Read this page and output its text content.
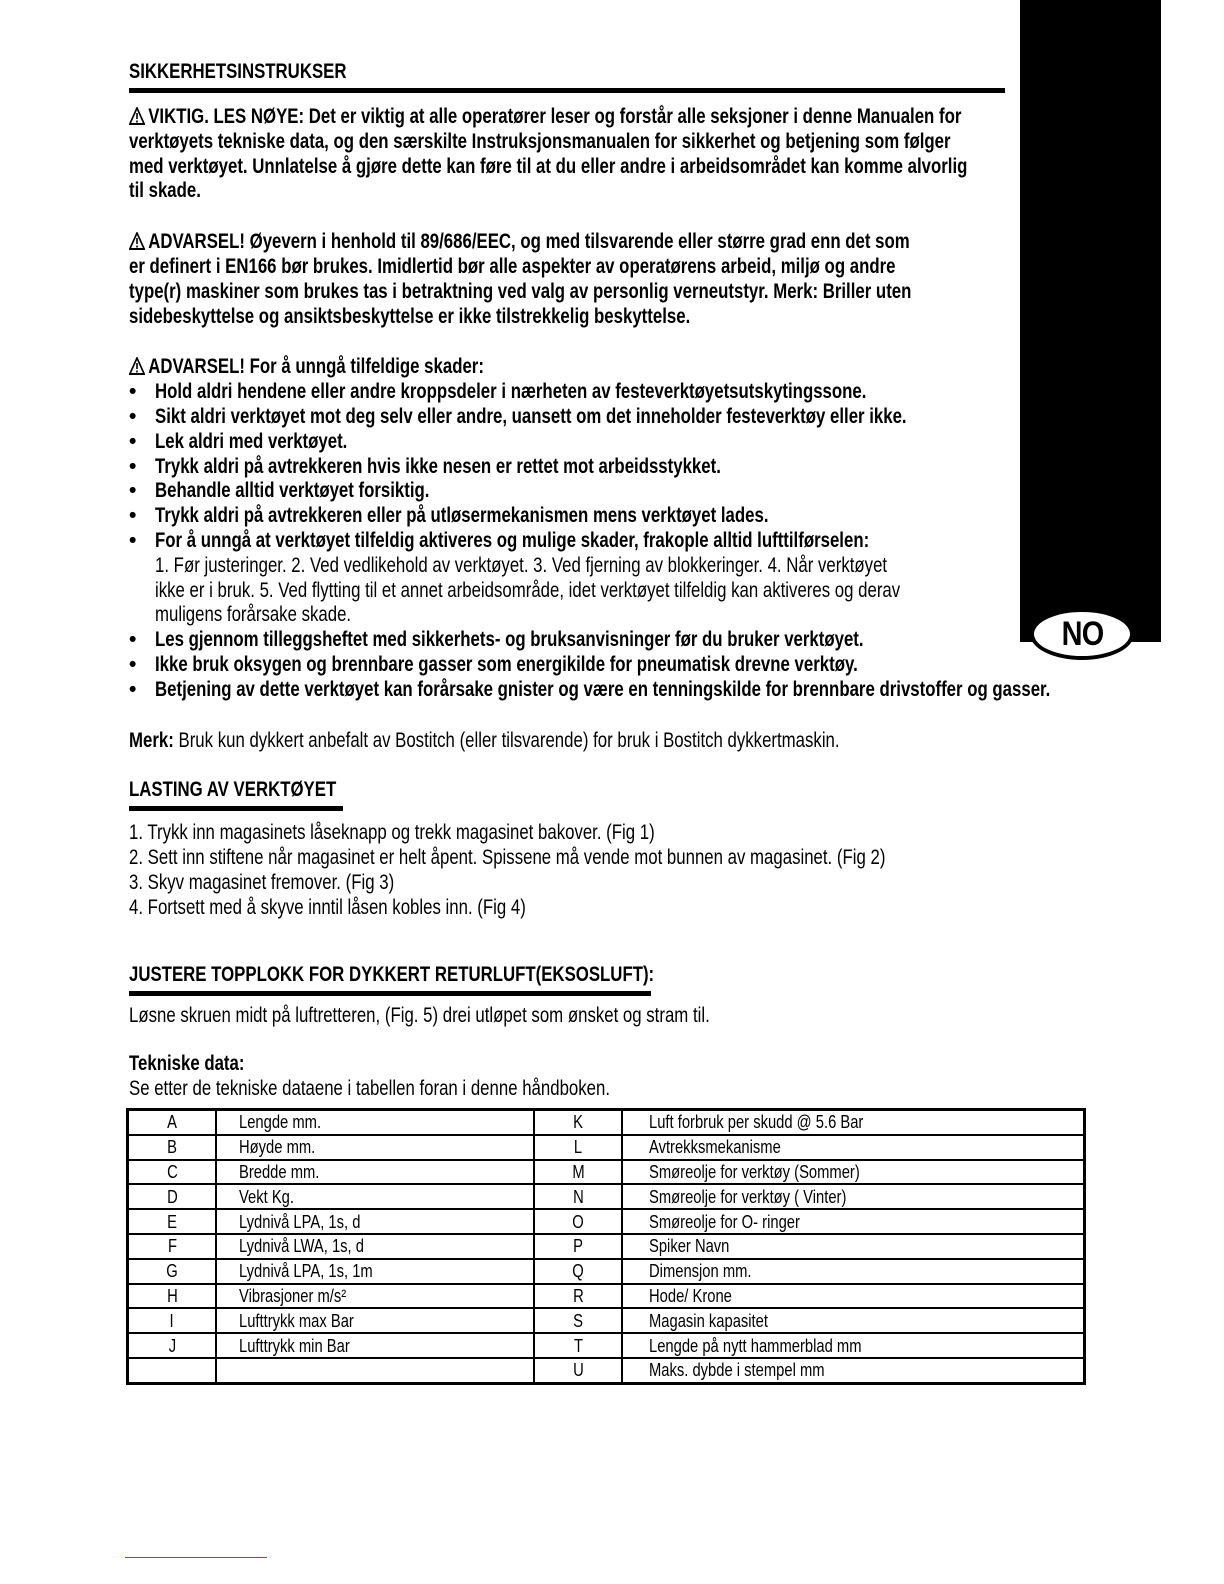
NO
SIKKERHETSINSTRUKSER
VIKTIG. LES NØYE: Det er viktig at alle operatører leser og forstår alle seksjoner i denne Manualen for
verktøyets tekniske data, og den særskilte Instruksjonsmanualen for sikkerhet og betjening som følger
med verktøyet. Unnlatelse å gjøre dette kan føre til at du eller andre i arbeidsområdet kan komme alvorlig
til skade.
ADVARSEL! Øyevern i henhold til 89/686/EEC, og med tilsvarende eller større grad enn det som
er definert i EN166 bør brukes. Imidlertid bør alle aspekter av operatørens arbeid, miljø og andre
type(r) maskiner som brukes tas i betraktning ved valg av personlig verneutstyr. Merk: Briller uten
sidebeskyttelse og ansiktsbeskyttelse er ikke tilstrekkelig beskyttelse.
ADVARSEL! For å unngå tilfeldige skader:
• Hold aldri hendene eller andre kroppsdeler i nærheten av festeverktøyetsutskytingssone.
• Sikt aldri verktøyet mot deg selv eller andre, uansett om det inneholder festeverktøy eller ikke.
• Lek aldri med verktøyet.
• Trykk aldri på avtrekkeren hvis ikke nesen er rettet mot arbeidsstykket.
• Behandle alltid verktøyet forsiktig.
• Trykk aldri på avtrekkeren eller på utløsermekanismen mens verktøyet lades.
• For å unngå at verktøyet tilfeldig aktiveres og mulige skader, frakople alltid lufttilførselen:
1. Før justeringer. 2. Ved vedlikehold av verktøyet. 3. Ved fjerning av blokkeringer. 4. Når verktøyet
ikke er i bruk. 5. Ved flytting til et annet arbeidsområde, idet verktøyet tilfeldig kan aktiveres og derav
muligens forårsake skade.
• Les gjennom tilleggsheftet med sikkerhets- og bruksanvisninger før du bruker verktøyet.
• Ikke bruk oksygen og brennbare gasser som energikilde for pneumatisk drevne verktøy.
• Betjening av dette verktøyet kan forårsake gnister og være en tenningskilde for brennbare drivstoffer og gasser.
Merk: Bruk kun dykkert anbefalt av Bostitch (eller tilsvarende) for bruk i Bostitch dykkertmaskin.
LASTING AV VERKTØYET
1. Trykk inn magasinets låseknapp og trekk magasinet bakover. (Fig 1)
2. Sett inn stiftene når magasinet er helt åpent. Spissene må vende mot bunnen av magasinet. (Fig 2)
3. Skyv magasinet fremover. (Fig 3)
4. Fortsett med å skyve inntil låsen kobles inn. (Fig 4)
JUSTERE TOPPLOKK FOR DYKKERT RETURLUFT(EKSOSLUFT):
Løsne skruen midt på luftretteren, (Fig. 5) drei utløpet som ønsket og stram til.
Tekniske data:
Se etter de tekniske dataene i tabellen foran i denne håndboken.
A	Lengde mm.	K	Luft forbruk per skudd @ 5.6 Bar
B	Høyde mm.	L	Avtrekksmekanisme
C	Bredde mm.	M	Smøreolje for verktøy (Sommer)
D	Vekt Kg.	N	Smøreolje for verktøy ( Vinter)
E	Lydnivå LPA, 1s, d	O	Smøreolje for O- ringer
F	Lydnivå LWA, 1s, d	P	Spiker Navn
G	Lydnivå LPA, 1s, 1m	Q	Dimensjon mm.
H	Vibrasjoner m/s²	R	Hode/ Krone
I	Lufttrykk max Bar	S	Magasin kapasitet
J	Lufttrykk min Bar	T	Lengde på nytt hammerblad mm
		U	Maks. dybde i stempel mm
